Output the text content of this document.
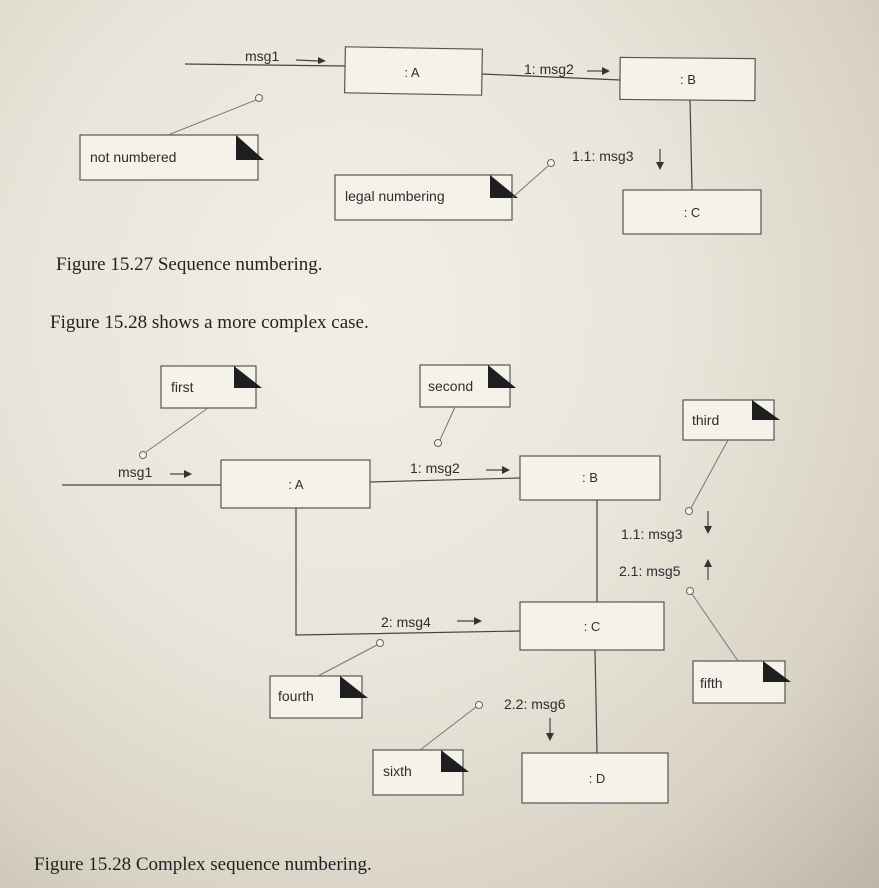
: A	: B
: C
msg1
1: msg2
1.1: msg3
not numbered
legal numbering
Figure 15.27 Sequence numbering.
Figure 15.28 shows a more complex case.
: A	: B
: C
: D
msg1	1: msg2
1.1: msg3
2.1: msg5
2: msg4
2.2: msg6
first	second
third
fourth
fifth
sixth
Figure 15.28 Complex sequence numbering.
